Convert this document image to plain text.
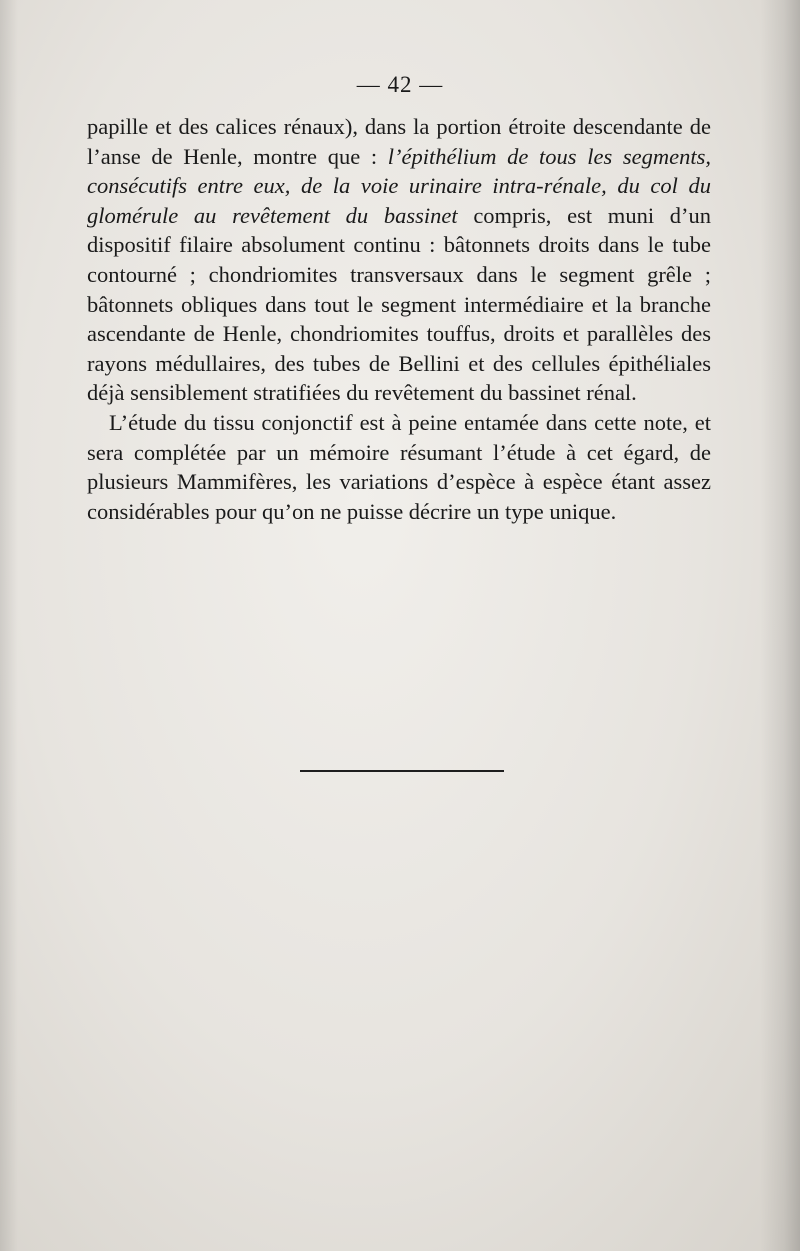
— 42 —

papille et des calices rénaux), dans la portion étroite descendante de l’anse de Henle, montre que : l’épithélium de tous les segments, consécutifs entre eux, de la voie urinaire intra-rénale, du col du glomérule au revêtement du bassinet compris, est muni d’un dispositif filaire absolument continu : bâtonnets droits dans le tube contourné ; chondriomites transversaux dans le segment grêle ; bâtonnets obliques dans tout le segment intermédiaire et la branche ascendante de Henle, chondriomites touffus, droits et parallèles des rayons médullaires, des tubes de Bellini et des cellules épithéliales déjà sensiblement stratifiées du revêtement du bassinet rénal.

L’étude du tissu conjonctif est à peine entamée dans cette note, et sera complétée par un mémoire résumant l’étude à cet égard, de plusieurs Mammifères, les variations d’espèce à espèce étant assez considérables pour qu’on ne puisse décrire un type unique.
